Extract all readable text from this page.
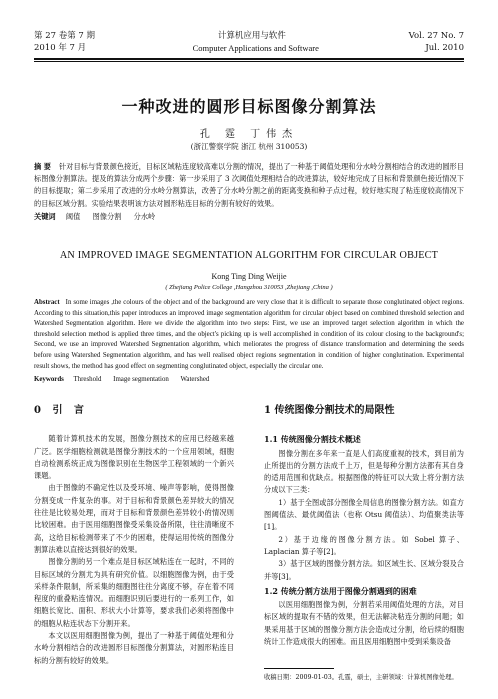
第 27 卷第 7 期	计算机应用与软件	Vol. 27 No. 7
2010 年 7 月	Computer Applications and Software	Jul. 2010
一种改进的圆形目标图像分割算法
孔 霆 丁伟杰
(浙江警察学院 浙江 杭州 310053)
摘 要 针对目标与背景颜色接近，目标区域粘连度较高难以分割的情况，提出了一种基于阈值处理和分水岭分割相结合的改进的圆形目标图像分割算法。提及的算法分成两个步骤：第一步采用了 3 次阈值处理相结合的改进算法，较好地完成了目标和背景颜色接近情况下的目标提取；第二步采用了改进的分水岭分割算法，改善了分水岭分割之前的距离变换和种子点过程，较好地实现了粘连度较高情况下的目标区域分割。实验结果表明该方法对圆形粘连目标的分割有较好的效果。
关键词 阈值 图像分割 分水岭
AN IMPROVED IMAGE SEGMENTATION ALGORITHM FOR CIRCULAR OBJECT
Kong Ting Ding Weijie
( Zhejiang Police College ,Hangzhou 310053 ,Zhejiang ,China )
Abstract In some images ,the colours of the object and of the background are very close that it is difficult to separate those conglutinated object regions. According to this situation,this paper introduces an improved image segmentation algorithm for circular object based on combined threshold selection and Watershed Segmentation algorithm. Here we divide the algorithm into two steps: First, we use an improved target selection algorithm in which the threshold selection method is applied three times, and the object's picking up is well accomplished in condition of its colour closing to the background's; Second, we use an improved Watershed Segmentation algorithm, which meliorates the progress of distance transformation and determining the seeds before using Watershed Segmentation algorithm, and has well realised object regions segmentation in condition of higher conglutination. Experimental result shows, the method has good effect on segmenting conglutinated object, especially the circular one.
Keywords Threshold Image segmentation Watershed
0 引 言

随着计算机技术的发展，图像分割技术的应用已经越来越广泛。医学细胞检测就是图像分割技术的一个应用领域，细胞自动检测系统正成为图像识别在生物医学工程领域的一个新兴课题。

由于图像的不确定性以及受环境、噪声等影响，使得图像分割变成一件复杂的事。对于目标和背景颜色差异较大的情况往往是比较易处理，而对于目标和背景颜色差异较小的情况则比较困难。由于医用细胞图像受采集设备所限，往往清晰度不高，这给目标检测带来了不少的困难，使得运用传统的图像分割算法难以直接达到很好的效果。

图像分割的另一个难点是目标区域粘连在一起时，不同的目标区域的分割尤为具有研究价值。以细胞图像为例，由于受采样条件限制，所采集的细胞图往往分离度不够，存在着不同程度的重叠粘连情况。而细胞识别后要进行的一系列工作，如细胞长宽比、面积、形状大小计算等，要求我们必须将图像中的细胞从粘连状态下分割开来。

本文以医用细胞图像为例，提出了一种基于阈值处理和分水岭分割相结合的改进圆形目标图像分割算法，对圆形粘连目标的分割有较好的效果。

1 传统图像分割技术的局限性
1.1 传统图像分割技术概述

图像分割在多年来一直是人们高度重视的技术，到目前为止所提出的分割方法成千上万，但是每种分割方法都有其自身的适用范围和优缺点。根据图像的特征可以大致上将分割方法分成以下三类：

1）基于全图或部分图像全局信息的图像分割方法。如直方图阈值法、最优阈值法（也称 Otsu 阈值法）、均值聚类法等[1]。

2）基于边缘的图像分割方法。如 Sobel 算子、Laplacian 算子等[2]。

3）基于区域的图像分割方法。如区域生长、区域分裂及合并等[3]。

1.2 传统分割方法用于图像分割遇到的困难

以医用细胞图像为例，分割若采用阈值处理的方法，对目标区域的提取有不错的效果，但无法解决粘连分割的问题；如果采用基于区域的图像分割方法会造成过分割，给后续的细胞统计工作造成很大的困难。而且医用细胞图中受到采集设备

收稿日期：2009-01-03。孔霆，硕士，主研领域：计算机图像处理。
